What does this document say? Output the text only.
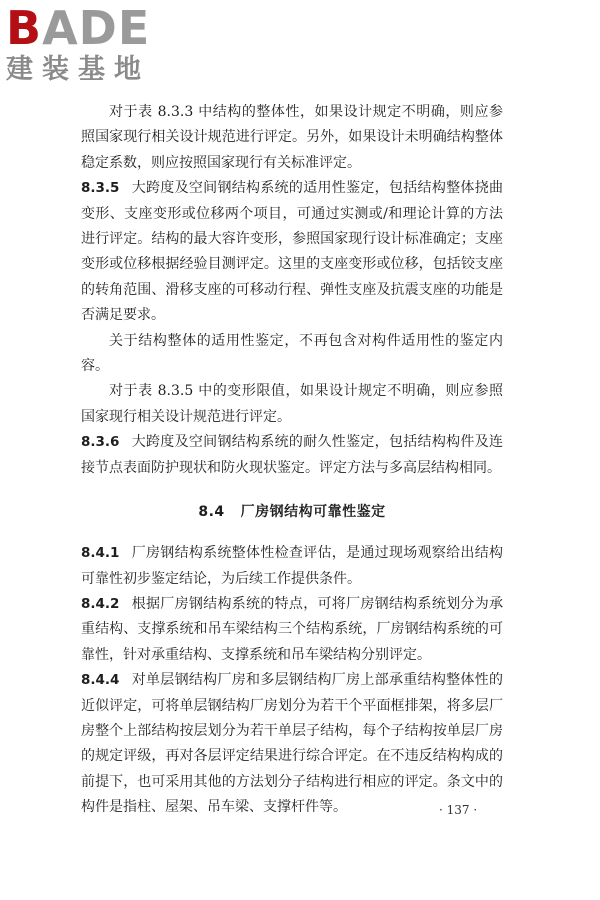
BADE
建装基地

对于表 8.3.3 中结构的整体性，如果设计规定不明确，则应参照国家现行相关设计规范进行评定。另外，如果设计未明确结构整体稳定系数，则应按照国家现行有关标准评定。

8.3.5 大跨度及空间钢结构系统的适用性鉴定，包括结构整体挠曲变形、支座变形或位移两个项目，可通过实测或/和理论计算的方法进行评定。结构的最大容许变形，参照国家现行设计标准确定；支座变形或位移根据经验目测评定。这里的支座变形或位移，包括铰支座的转角范围、滑移支座的可移动行程、弹性支座及抗震支座的功能是否满足要求。

关于结构整体的适用性鉴定，不再包含对构件适用性的鉴定内容。

对于表 8.3.5 中的变形限值，如果设计规定不明确，则应参照国家现行相关设计规范进行评定。

8.3.6 大跨度及空间钢结构系统的耐久性鉴定，包括结构构件及连接节点表面防护现状和防火现状鉴定。评定方法与多高层结构相同。

8.4 厂房钢结构可靠性鉴定

8.4.1 厂房钢结构系统整体性检查评估，是通过现场观察给出结构可靠性初步鉴定结论，为后续工作提供条件。

8.4.2 根据厂房钢结构系统的特点，可将厂房钢结构系统划分为承重结构、支撑系统和吊车梁结构三个结构系统，厂房钢结构系统的可靠性，针对承重结构、支撑系统和吊车梁结构分别评定。

8.4.4 对单层钢结构厂房和多层钢结构厂房上部承重结构整体性的近似评定，可将单层钢结构厂房划分为若干个平面框排架，将多层厂房整个上部结构按层划分为若干单层子结构，每个子结构按单层厂房的规定评级，再对各层评定结果进行综合评定。在不违反结构构成的前提下，也可采用其他的方法划分子结构进行相应的评定。条文中的构件是指柱、屋架、吊车梁、支撑杆件等。	· 137 ·
